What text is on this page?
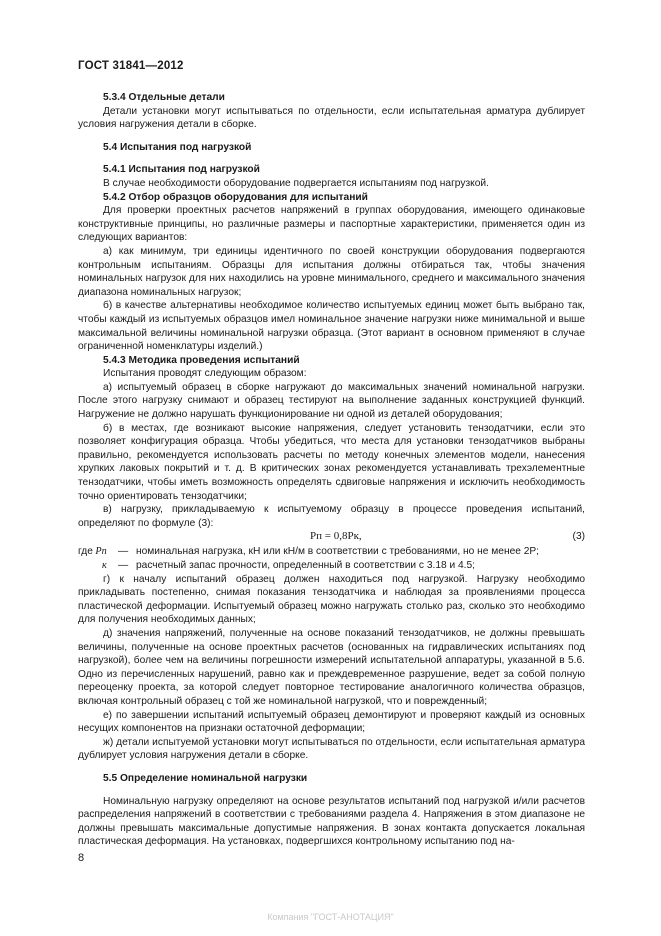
ГОСТ 31841—2012
5.3.4 Отдельные детали

Детали установки могут испытываться по отдельности, если испытательная арматура дублирует условия нагружения детали в сборке.

5.4 Испытания под нагрузкой
5.4.1 Испытания под нагрузкой

В случае необходимости оборудование подвергается испытаниям под нагрузкой.

5.4.2 Отбор образцов оборудования для испытаний

Для проверки проектных расчетов напряжений в группах оборудования, имеющего одинаковые конструктивные принципы, но различные размеры и паспортные характеристики, применяется один из следующих вариантов:

а) как минимум, три единицы идентичного по своей конструкции оборудования подвергаются контрольным испытаниям. Образцы для испытания должны отбираться так, чтобы значения номинальных нагрузок для них находились на уровне минимального, среднего и максимального значения диапазона номинальных нагрузок;

б) в качестве альтернативы необходимое количество испытуемых единиц может быть выбрано так, чтобы каждый из испытуемых образцов имел номинальное значение нагрузки ниже минимальной и выше максимальной величины номинальной нагрузки образца. (Этот вариант в основном применяют в случае ограниченной номенклатуры изделий.)

5.4.3 Методика проведения испытаний

Испытания проводят следующим образом:

а) испытуемый образец в сборке нагружают до максимальных значений номинальной нагрузки. После этого нагрузку снимают и образец тестируют на выполнение заданных конструкцией функций. Нагружение не должно нарушать функционирование ни одной из деталей оборудования;

б) в местах, где возникают высокие напряжения, следует установить тензодатчики, если это позволяет конфигурация образца. Чтобы убедиться, что места для установки тензодатчиков выбраны правильно, рекомендуется использовать расчеты по методу конечных элементов модели, нанесения хрупких лаковых покрытий и т. д. В критических зонах рекомендуется устанавливать трехэлементные тензодатчики, чтобы иметь возможность определять сдвиговые напряжения и исключить необходимость точно ориентировать тензодатчики;

в) нагрузку, прикладываемую к испытуемому образцу в процессе проведения испытаний, определяют по формуле (3):

Pп = 0,8Pк,	(3)
где Pп	— номинальная нагрузка, кН или кН/м в соответствии с требованиями, но не менее 2P;
к	— расчетный запас прочности, определенный в соответствии с 3.18 и 4.5;

г) к началу испытаний образец должен находиться под нагрузкой. Нагрузку необходимо прикладывать постепенно, снимая показания тензодатчика и наблюдая за проявлениями процесса пластической деформации. Испытуемый образец можно нагружать столько раз, сколько это необходимо для получения необходимых данных;

д) значения напряжений, полученные на основе показаний тензодатчиков, не должны превышать величины, полученные на основе проектных расчетов (основанных на гидравлических испытаниях под нагрузкой), более чем на величины погрешности измерений испытательной аппаратуры, указанной в 5.6. Одно из перечисленных нарушений, равно как и преждевременное разрушение, ведет за собой полную переоценку проекта, за которой следует повторное тестирование аналогичного количества образцов, включая контрольный образец с той же номинальной нагрузкой, что и поврежденный;

е) по завершении испытаний испытуемый образец демонтируют и проверяют каждый из основных несущих компонентов на признаки остаточной деформации;

ж) детали испытуемой установки могут испытываться по отдельности, если испытательная арматура дублирует условия нагружения детали в сборке.

5.5 Определение номинальной нагрузки

Номинальную нагрузку определяют на основе результатов испытаний под нагрузкой и/или расчетов распределения напряжений в соответствии с требованиями раздела 4. Напряжения в этом диапазоне не должны превышать максимальные допустимые напряжения. В зонах контакта допускается локальная пластическая деформация. На установках, подвергшихся контрольному испытанию под на-

8
Компания "ГОСТ-АНОТАЦИЯ"
